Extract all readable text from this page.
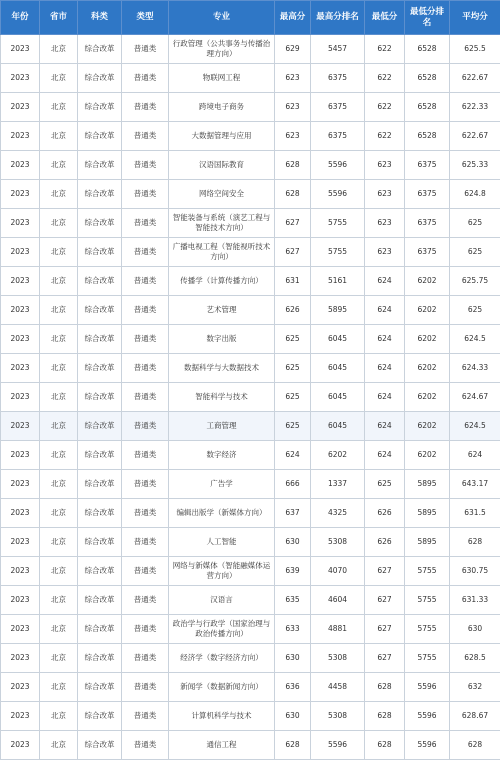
年份	省市	科类	类型	专业	最高分	最高分排名	最低分	最低分排名	平均分
2023	北京	综合改革	普通类	行政管理（公共事务与传播治理方向）	629	5457	622	6528	625.5
2023	北京	综合改革	普通类	物联网工程	623	6375	622	6528	622.67
2023	北京	综合改革	普通类	跨境电子商务	623	6375	622	6528	622.33
2023	北京	综合改革	普通类	大数据管理与应用	623	6375	622	6528	622.67
2023	北京	综合改革	普通类	汉语国际教育	628	5596	623	6375	625.33
2023	北京	综合改革	普通类	网络空间安全	628	5596	623	6375	624.8
2023	北京	综合改革	普通类	智能装备与系统（演艺工程与智能技术方向）	627	5755	623	6375	625
2023	北京	综合改革	普通类	广播电视工程（智能视听技术方向）	627	5755	623	6375	625
2023	北京	综合改革	普通类	传播学（计算传播方向）	631	5161	624	6202	625.75
2023	北京	综合改革	普通类	艺术管理	626	5895	624	6202	625
2023	北京	综合改革	普通类	数字出版	625	6045	624	6202	624.5
2023	北京	综合改革	普通类	数据科学与大数据技术	625	6045	624	6202	624.33
2023	北京	综合改革	普通类	智能科学与技术	625	6045	624	6202	624.67
2023	北京	综合改革	普通类	工商管理	625	6045	624	6202	624.5
2023	北京	综合改革	普通类	数字经济	624	6202	624	6202	624
2023	北京	综合改革	普通类	广告学	666	1337	625	5895	643.17
2023	北京	综合改革	普通类	编辑出版学（新媒体方向）	637	4325	626	5895	631.5
2023	北京	综合改革	普通类	人工智能	630	5308	626	5895	628
2023	北京	综合改革	普通类	网络与新媒体（智能融媒体运营方向）	639	4070	627	5755	630.75
2023	北京	综合改革	普通类	汉语言	635	4604	627	5755	631.33
2023	北京	综合改革	普通类	政治学与行政学（国家治理与政治传播方向）	633	4881	627	5755	630
2023	北京	综合改革	普通类	经济学（数字经济方向）	630	5308	627	5755	628.5
2023	北京	综合改革	普通类	新闻学（数据新闻方向）	636	4458	628	5596	632
2023	北京	综合改革	普通类	计算机科学与技术	630	5308	628	5596	628.67
2023	北京	综合改革	普通类	通信工程	628	5596	628	5596	628
